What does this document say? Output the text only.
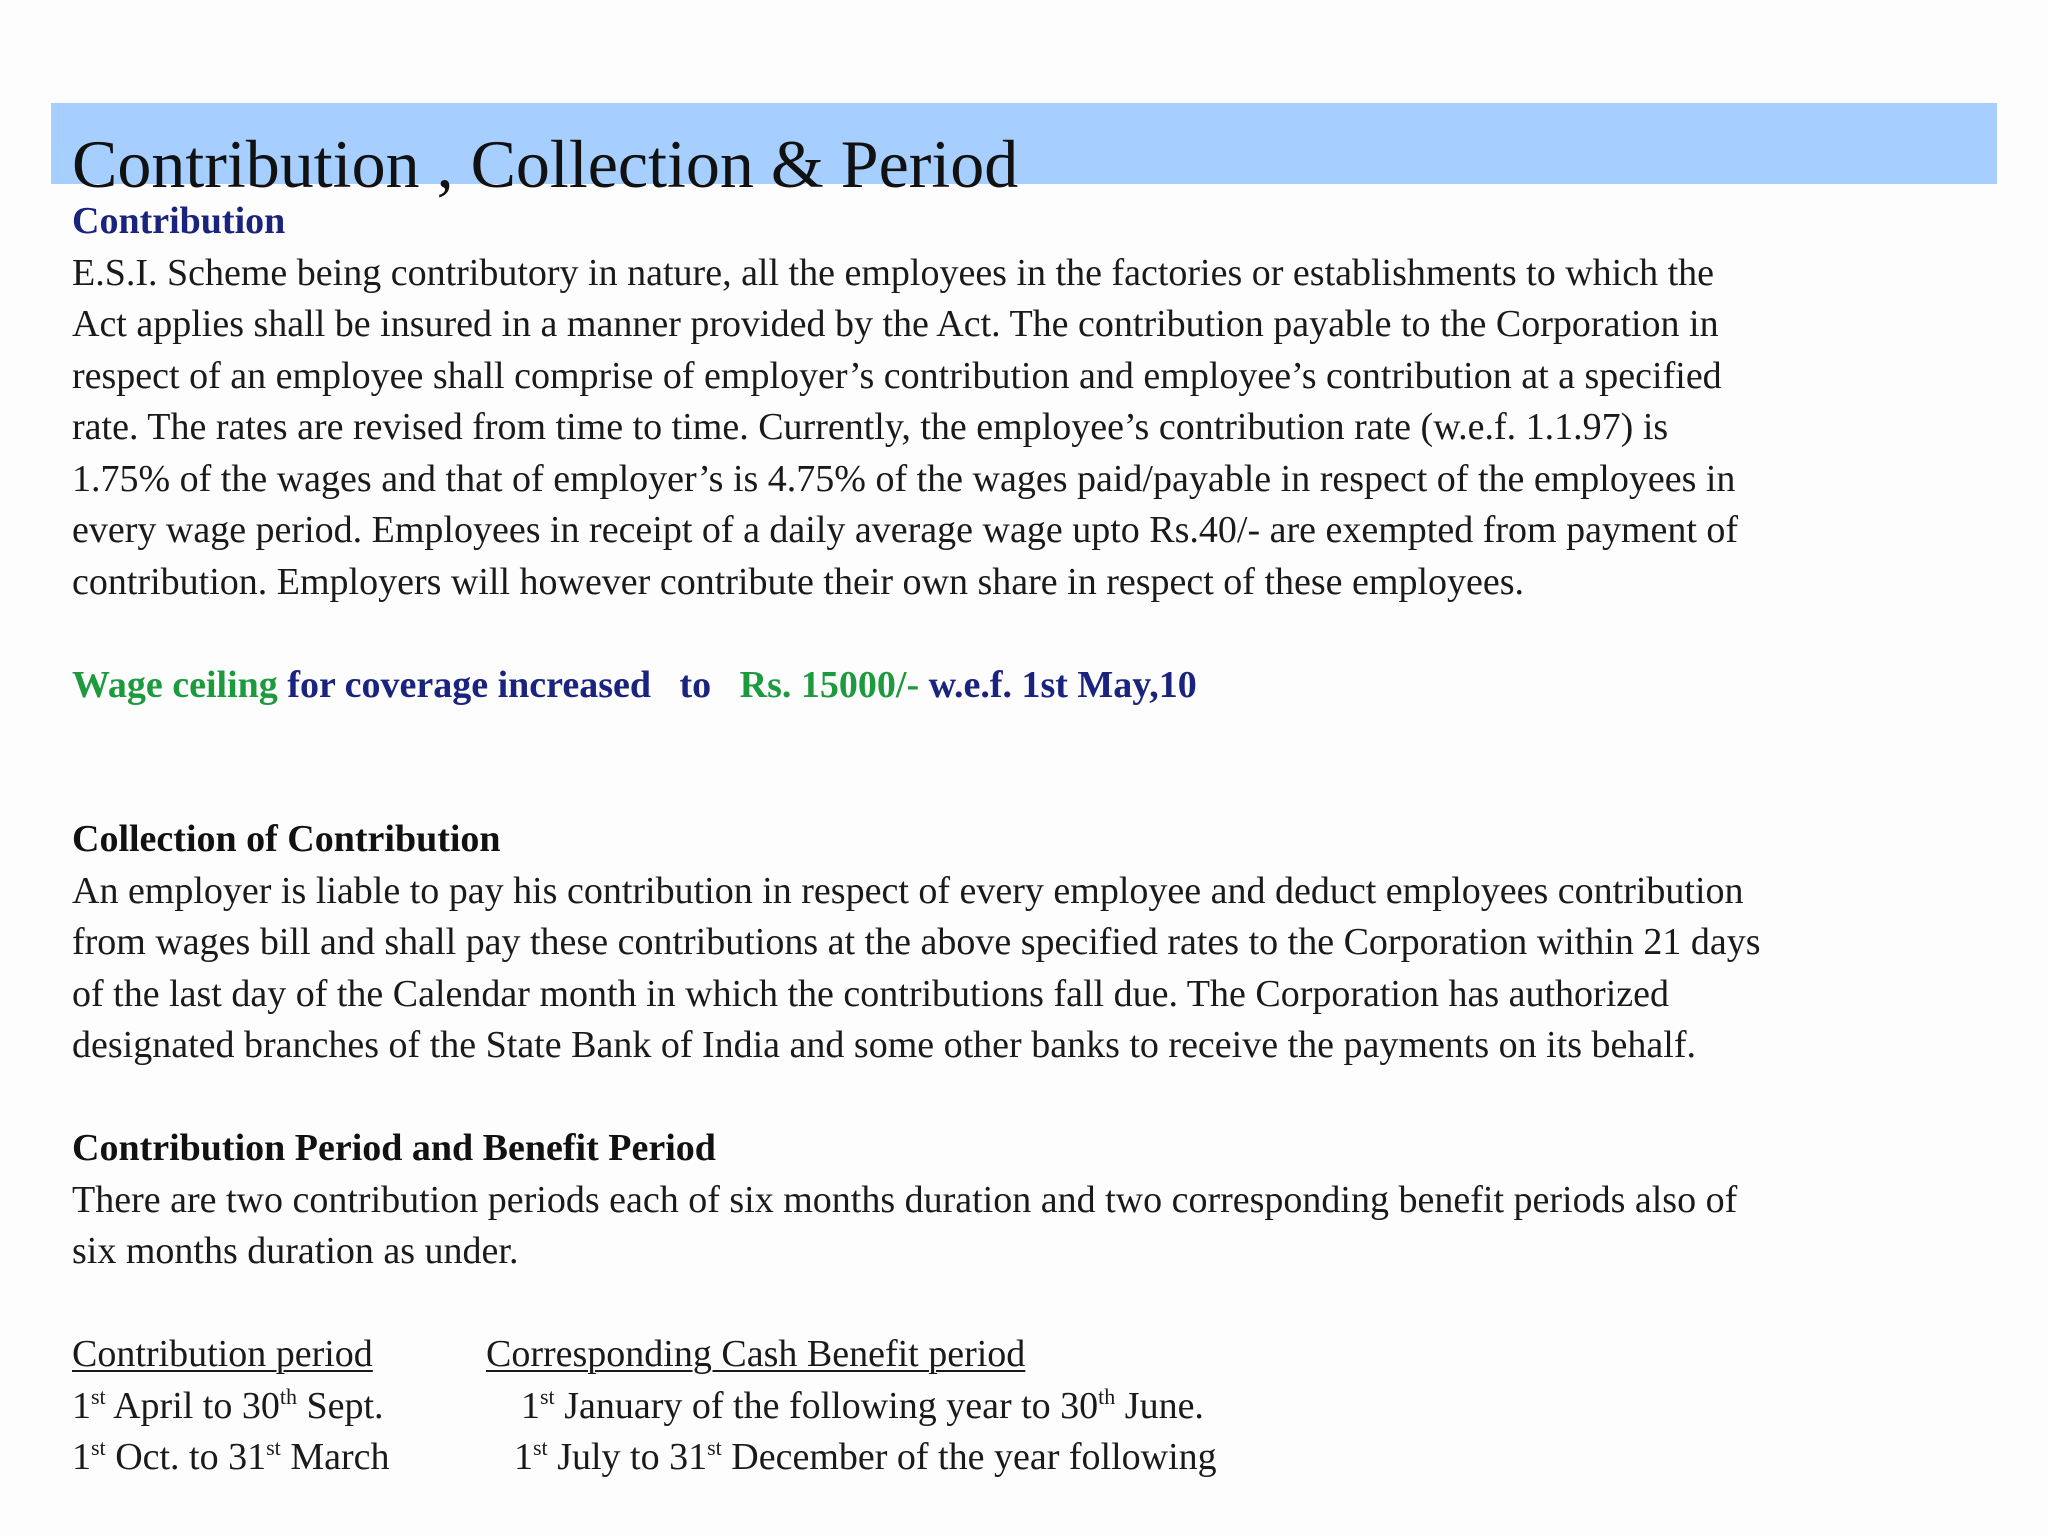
Contribution , Collection & Period

Contribution

E.S.I. Scheme being contributory in nature, all the employees in the factories or establishments to which the
Act applies shall be insured in a manner provided by the Act. The contribution payable to the Corporation in
respect of an employee shall comprise of employer’s contribution and employee’s contribution at a specified
rate. The rates are revised from time to time. Currently, the employee’s contribution rate (w.e.f. 1.1.97) is
1.75% of the wages and that of employer’s is 4.75% of the wages paid/payable in respect of the employees in
every wage period. Employees in receipt of a daily average wage upto Rs.40/- are exempted from payment of
contribution. Employers will however contribute their own share in respect of these employees.

Wage ceiling for coverage increased   to   Rs. 15000/- w.e.f. 1st May,10

Collection of Contribution

An employer is liable to pay his contribution in respect of every employee and deduct employees contribution
from wages bill and shall pay these contributions at the above specified rates to the Corporation within 21 days
of the last day of the Calendar month in which the contributions fall due. The Corporation has authorized
designated branches of the State Bank of India and some other banks to receive the payments on its behalf.

Contribution Period and Benefit Period

There are two contribution periods each of six months duration and two corresponding benefit periods also of
six months duration as under.
Contribution period	Corresponding Cash Benefit period
1st April to 30th Sept.	1st January of the following year to 30th June.
1st Oct. to 31st March	1st July to 31st December of the year following
